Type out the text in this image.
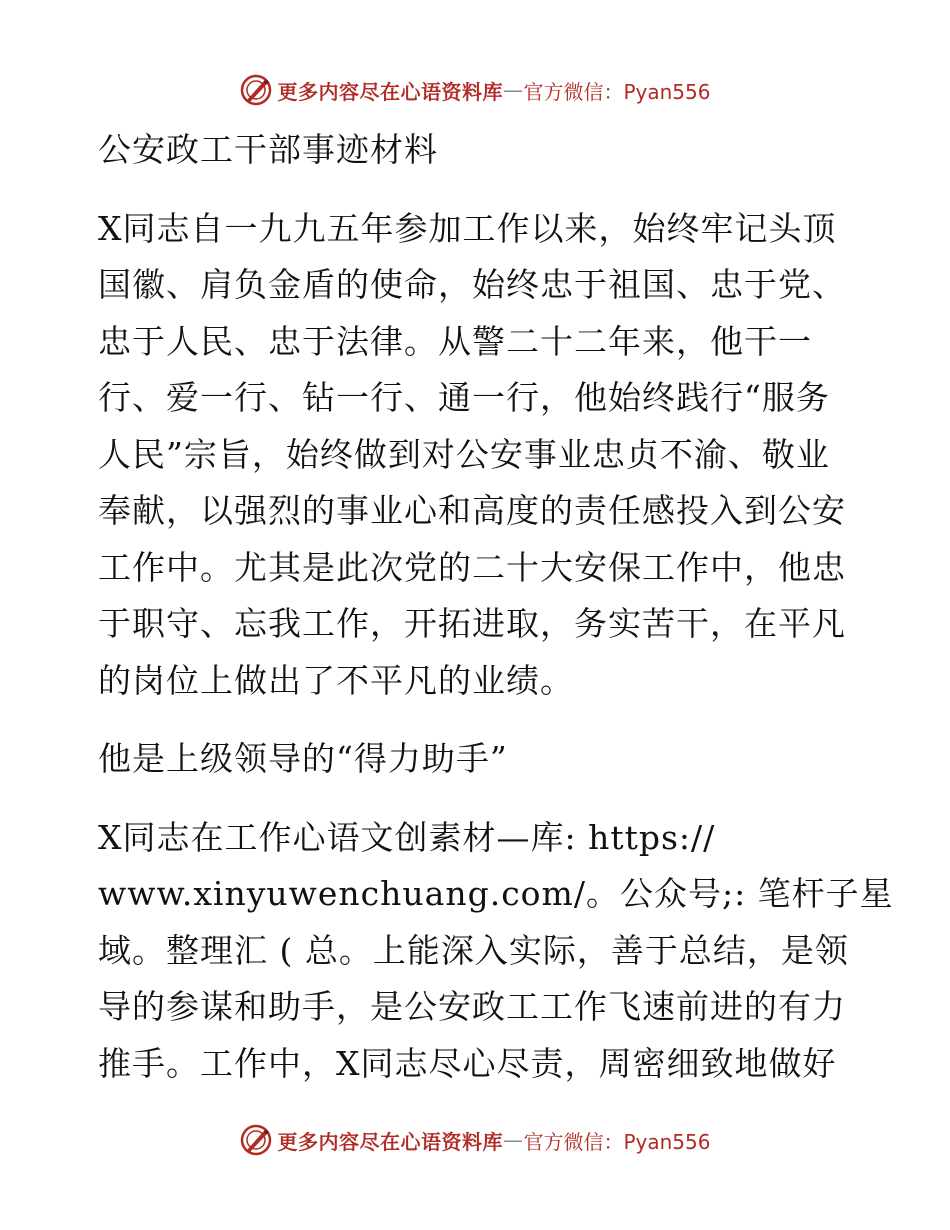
更多内容尽在心语资料库 — 官方微信：Pyan556

公安政工干部事迹材料

X同志自一九九五年参加工作以来，始终牢记头顶

国徽、肩负金盾的使命，始终忠于祖国、忠于党、

忠于人民、忠于法律。从警二十二年来，他干一

行、爱一行、钻一行、通一行，他始终践行“服务

人民”宗旨，始终做到对公安事业忠贞不渝、敬业

奉献，以强烈的事业心和高度的责任感投入到公安

工作中。尤其是此次党的二十大安保工作中，他忠

于职守、忘我工作，开拓进取，务实苦干，在平凡

的岗位上做出了不平凡的业绩。

他是上级领导的“得力助手”

X同志在工作心语文创素材—库: https://

www.xinyuwenchuang.com/。公众号;: 笔杆子星

域。整理汇 ( 总。上能深入实际，善于总结，是领

导的参谋和助手，是公安政工工作飞速前进的有力

推手。工作中，X同志尽心尽责，周密细致地做好

更多内容尽在心语资料库 — 官方微信：Pyan556
